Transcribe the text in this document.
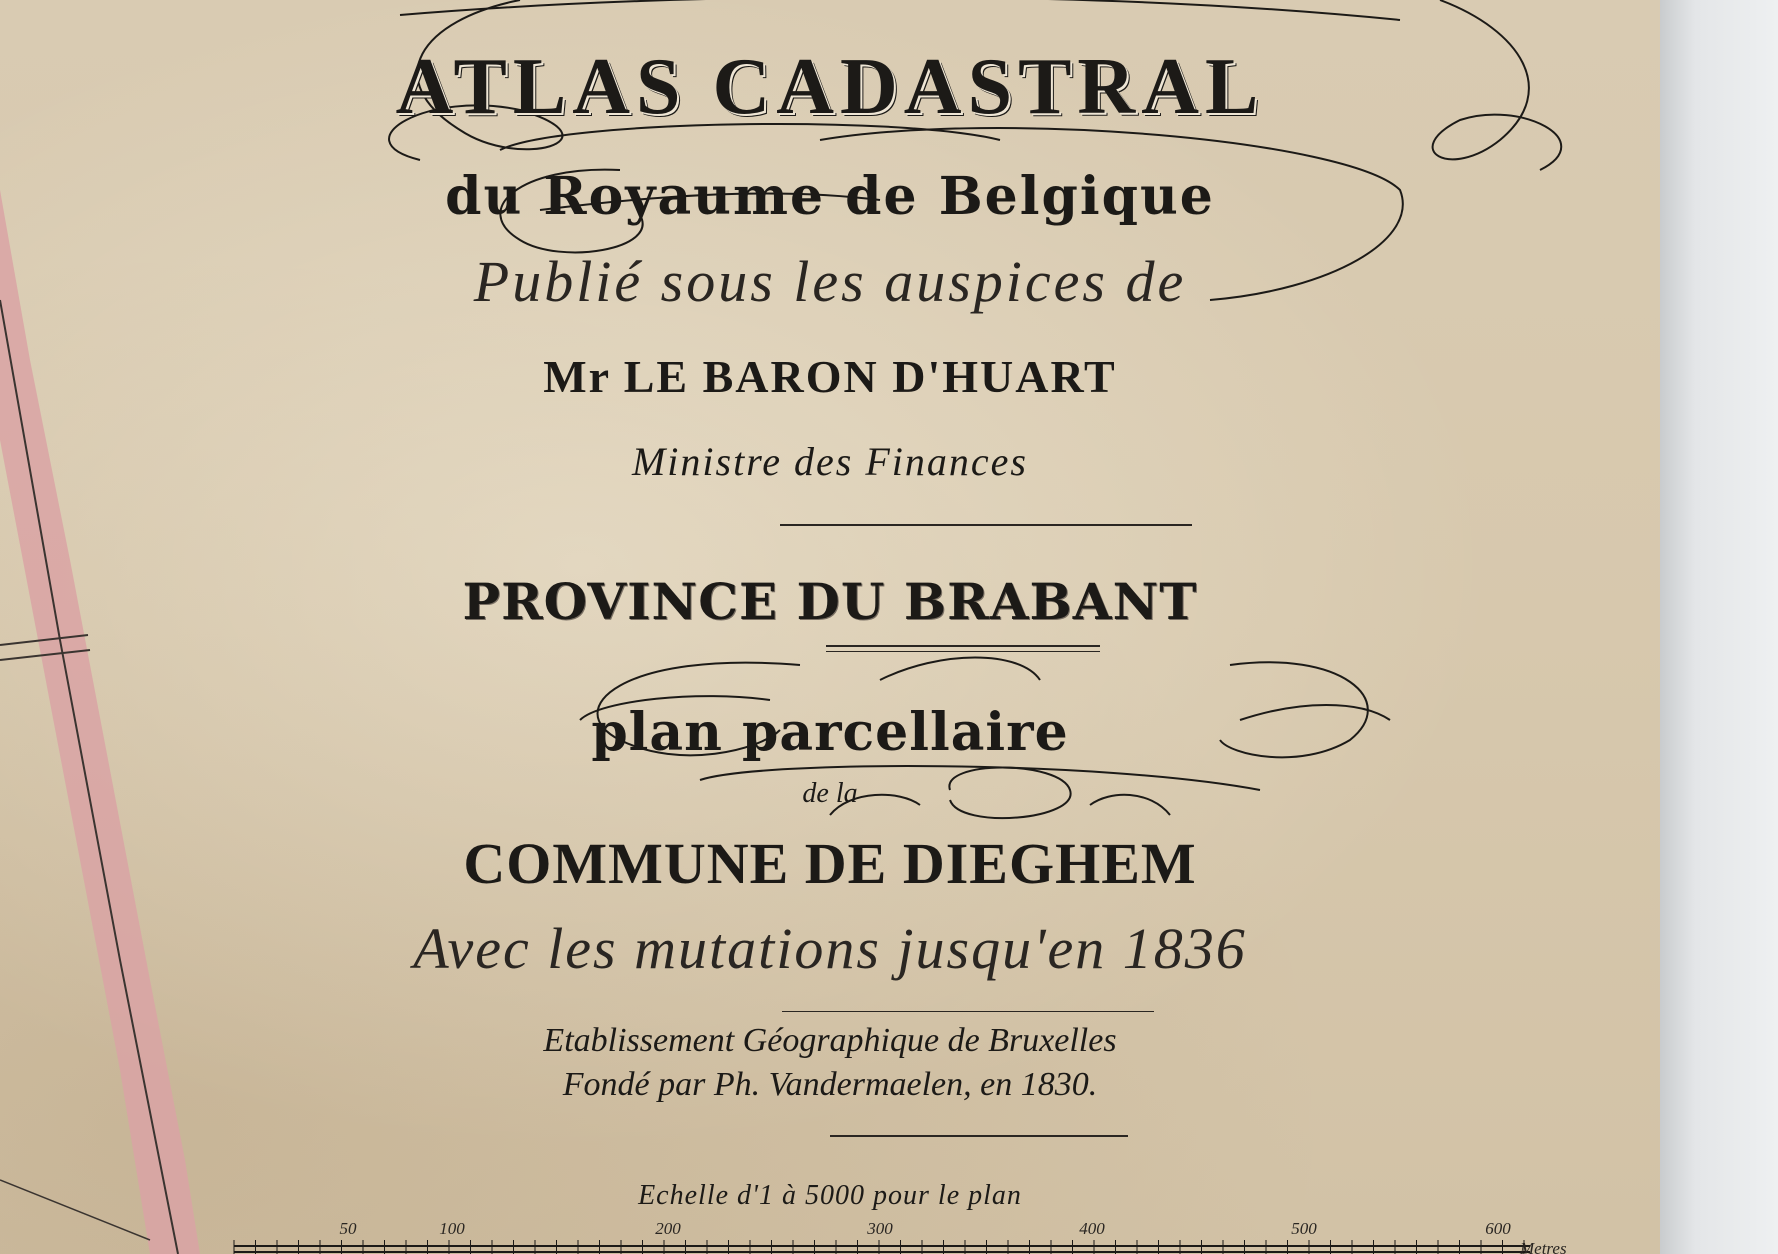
ATLAS CADASTRAL
du Royaume de Belgique
Publié sous les auspices de
Mr LE BARON D'HUART
Ministre des Finances
PROVINCE DU BRABANT
plan parcellaire
de la
COMMUNE DE DIEGHEM
Avec les mutations jusqu'en 1836
Etablissement Géographique de Bruxelles
Fondé par Ph. Vandermaelen, en 1830.
Echelle d'1 à 5000 pour le plan
50	100	200	300	400	500	600
Metres
